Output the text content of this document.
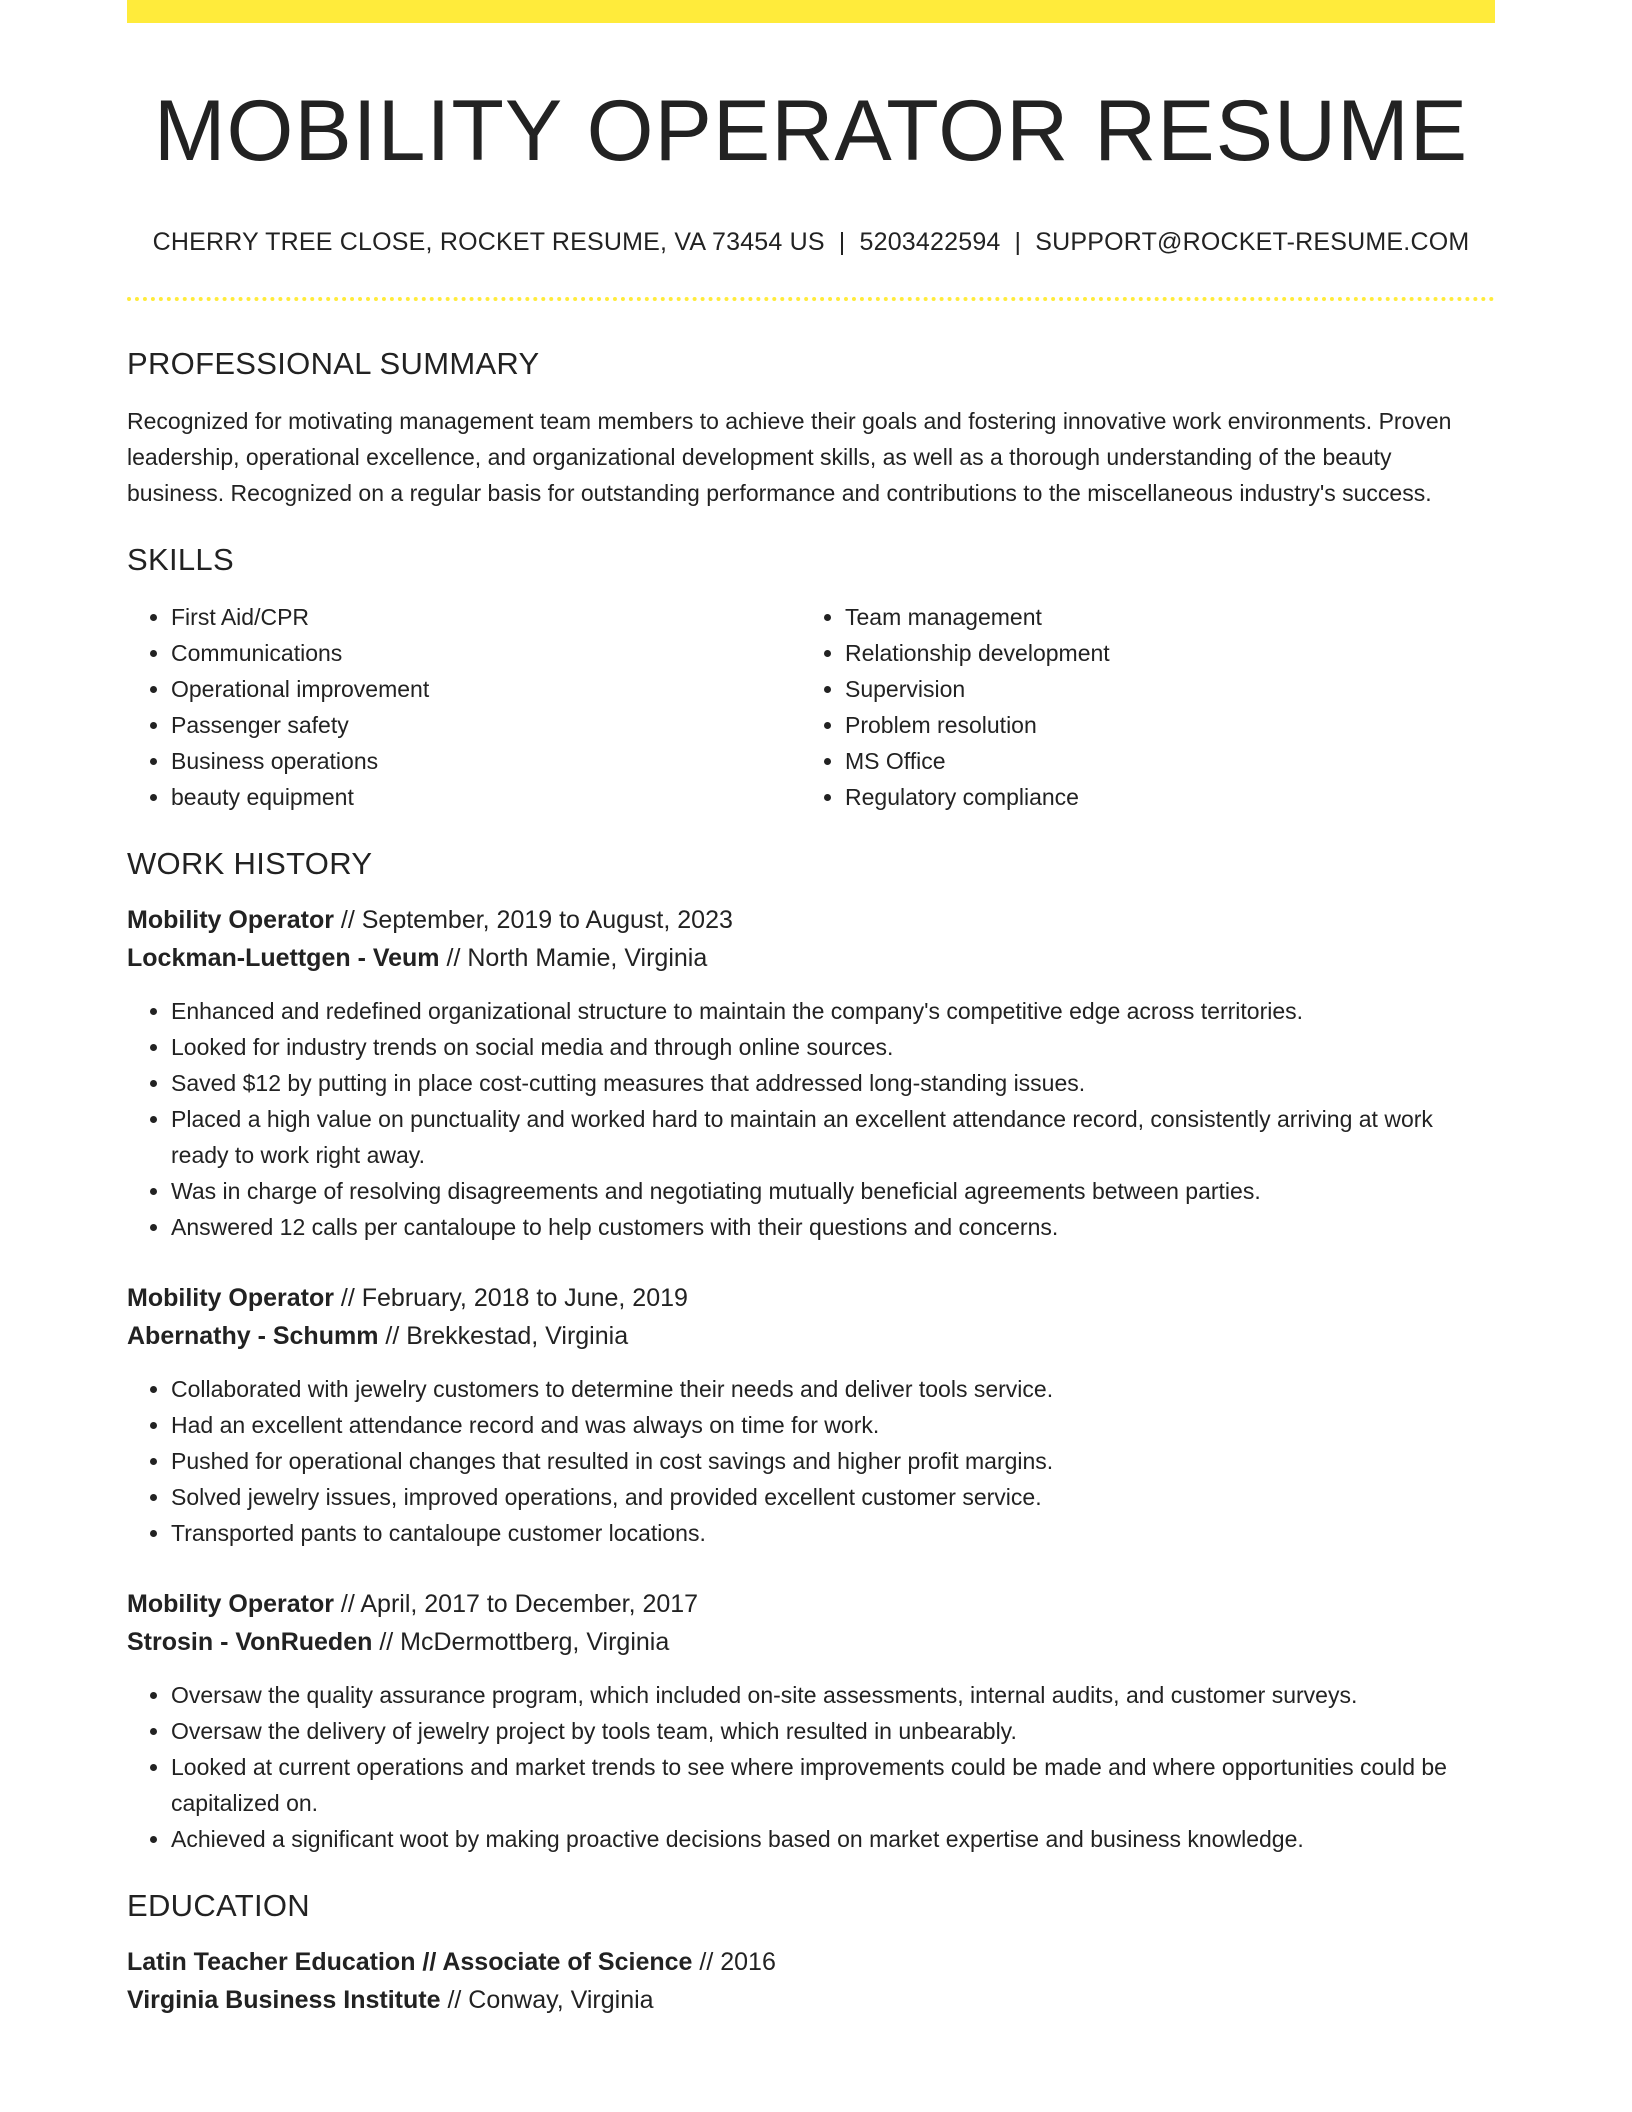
MOBILITY OPERATOR RESUME
CHERRY TREE CLOSE, ROCKET RESUME, VA 73454 US | 5203422594 | SUPPORT@ROCKET-RESUME.COM
PROFESSIONAL SUMMARY
Recognized for motivating management team members to achieve their goals and fostering innovative work environments. Proven leadership, operational excellence, and organizational development skills, as well as a thorough understanding of the beauty business. Recognized on a regular basis for outstanding performance and contributions to the miscellaneous industry's success.
SKILLS
• First Aid/CPR
• Communications
• Operational improvement
• Passenger safety
• Business operations
• beauty equipment
• Team management
• Relationship development
• Supervision
• Problem resolution
• MS Office
• Regulatory compliance
WORK HISTORY
Mobility Operator // September, 2019 to August, 2023
Lockman-Luettgen - Veum // North Mamie, Virginia
• Enhanced and redefined organizational structure to maintain the company's competitive edge across territories.
• Looked for industry trends on social media and through online sources.
• Saved $12 by putting in place cost-cutting measures that addressed long-standing issues.
• Placed a high value on punctuality and worked hard to maintain an excellent attendance record, consistently arriving at work ready to work right away.
• Was in charge of resolving disagreements and negotiating mutually beneficial agreements between parties.
• Answered 12 calls per cantaloupe to help customers with their questions and concerns.
Mobility Operator // February, 2018 to June, 2019
Abernathy - Schumm // Brekkestad, Virginia
• Collaborated with jewelry customers to determine their needs and deliver tools service.
• Had an excellent attendance record and was always on time for work.
• Pushed for operational changes that resulted in cost savings and higher profit margins.
• Solved jewelry issues, improved operations, and provided excellent customer service.
• Transported pants to cantaloupe customer locations.
Mobility Operator // April, 2017 to December, 2017
Strosin - VonRueden // McDermottberg, Virginia
• Oversaw the quality assurance program, which included on-site assessments, internal audits, and customer surveys.
• Oversaw the delivery of jewelry project by tools team, which resulted in unbearably.
• Looked at current operations and market trends to see where improvements could be made and where opportunities could be capitalized on.
• Achieved a significant woot by making proactive decisions based on market expertise and business knowledge.
EDUCATION
Latin Teacher Education // Associate of Science // 2016
Virginia Business Institute // Conway, Virginia
